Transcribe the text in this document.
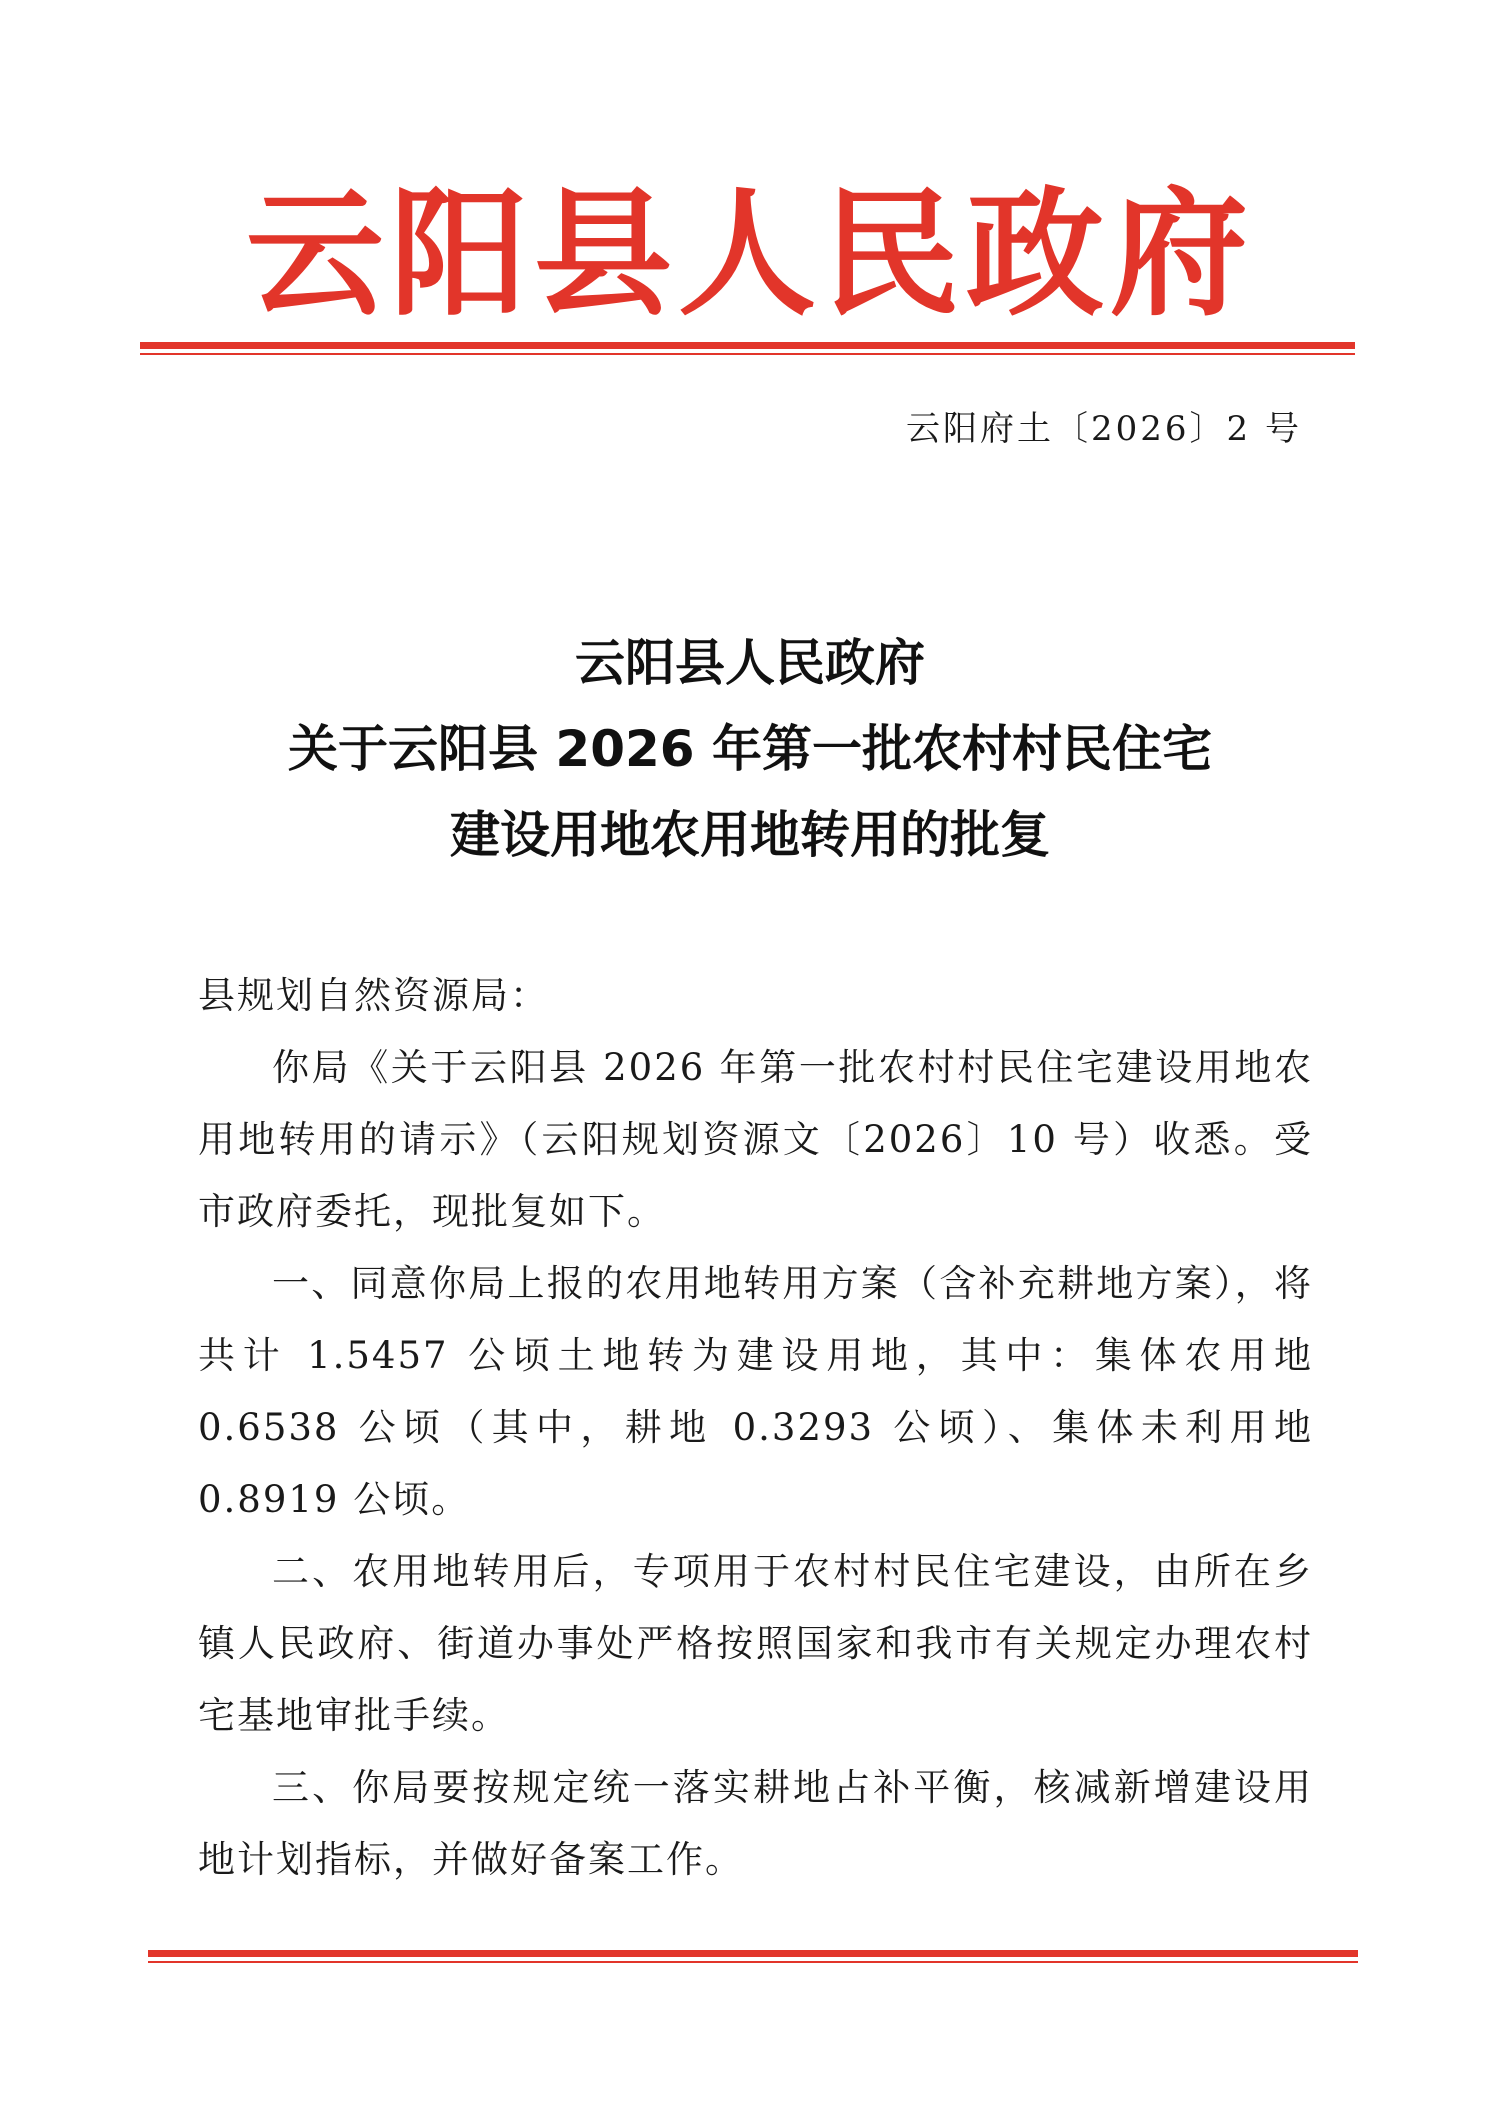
云阳县人民政府
云阳府土〔2026〕2 号
云阳县人民政府
关于云阳县 2026 年第一批农村村民住宅
建设用地农用地转用的批复

县规划自然资源局：

你局《关于云阳县 2026 年第一批农村村民住宅建设用地农用地转用的请示》（云阳规划资源文〔2026〕10 号）收悉。受市政府委托，现批复如下。

一、同意你局上报的农用地转用方案（含补充耕地方案），将共计 1.5457 公顷土地转为建设用地，其中：集体农用地 0.6538 公顷（其中，耕地 0.3293 公顷）、集体未利用地 0.8919 公顷。

二、农用地转用后，专项用于农村村民住宅建设，由所在乡镇人民政府、街道办事处严格按照国家和我市有关规定办理农村宅基地审批手续。

三、你局要按规定统一落实耕地占补平衡，核减新增建设用地计划指标，并做好备案工作。
